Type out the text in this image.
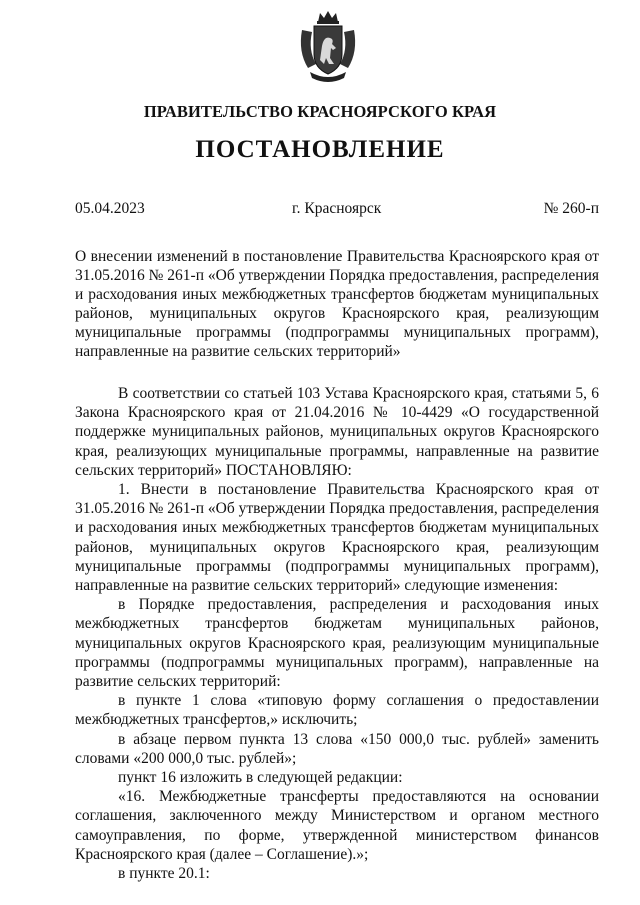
ПРАВИТЕЛЬСТВО КРАСНОЯРСКОГО КРАЯ
ПОСТАНОВЛЕНИЕ
05.04.2023	г. Красноярск	№ 260-п
О внесении изменений в постановление Правительства Красноярского края от 31.05.2016 № 261-п «Об утверждении Порядка предоставления, распределения и расходования иных межбюджетных трансфертов бюджетам муниципальных районов, муниципальных округов Красноярского края, реализующим муниципальные программы (подпрограммы муниципальных программ), направленные на развитие сельских территорий»

В соответствии со статьей 103 Устава Красноярского края, статьями 5, 6 Закона Красноярского края от 21.04.2016 № 10-4429 «О государственной поддержке муниципальных районов, муниципальных округов Красноярского края, реализующих муниципальные программы, направленные на развитие сельских территорий» ПОСТАНОВЛЯЮ:

1. Внести в постановление Правительства Красноярского края от 31.05.2016 № 261-п «Об утверждении Порядка предоставления, распределения и расходования иных межбюджетных трансфертов бюджетам муниципальных районов, муниципальных округов Красноярского края, реализующим муниципальные программы (подпрограммы муниципальных программ), направленные на развитие сельских территорий» следующие изменения:

в Порядке предоставления, распределения и расходования иных межбюджетных трансфертов бюджетам муниципальных районов, муниципальных округов Красноярского края, реализующим муниципальные программы (подпрограммы муниципальных программ), направленные на развитие сельских территорий:

в пункте 1 слова «типовую форму соглашения о предоставлении межбюджетных трансфертов,» исключить;

в абзаце первом пункта 13 слова «150 000,0 тыс. рублей» заменить словами «200 000,0 тыс. рублей»;

пункт 16 изложить в следующей редакции:

«16. Межбюджетные трансферты предоставляются на основании соглашения, заключенного между Министерством и органом местного самоуправления, по форме, утвержденной министерством финансов Красноярского края (далее – Соглашение).»;

в пункте 20.1:
